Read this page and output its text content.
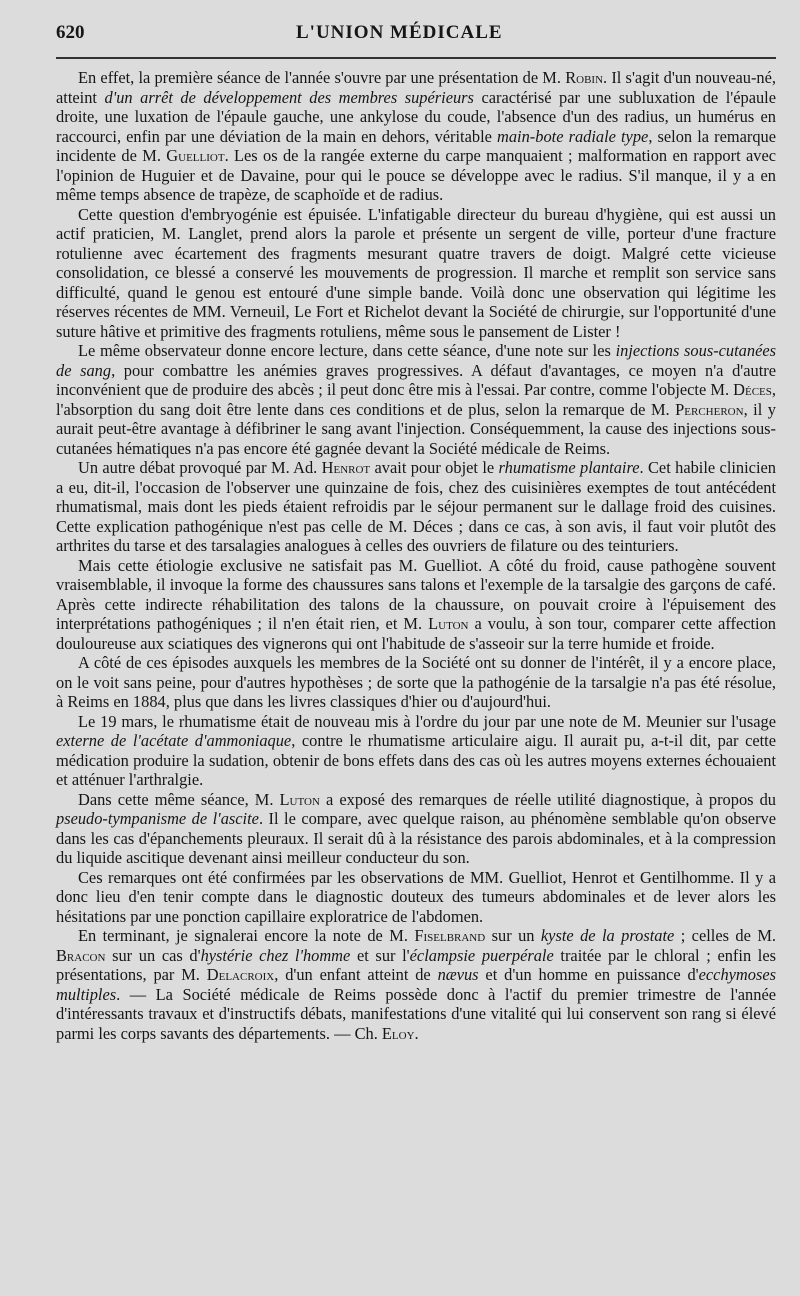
620	L'UNION MÉDICALE

En effet, la première séance de l'année s'ouvre par une présentation de M. Robin. Il s'agit d'un nouveau-né, atteint d'un arrêt de développement des membres supérieurs caractérisé par une subluxation de l'épaule droite, une luxation de l'épaule gauche, une ankylose du coude, l'absence d'un des radius, un humérus en raccourci, enfin par une déviation de la main en dehors, véritable main-bote radiale type, selon la remarque incidente de M. Guelliot. Les os de la rangée externe du carpe manquaient ; malformation en rapport avec l'opinion de Huguier et de Davaine, pour qui le pouce se développe avec le radius. S'il manque, il y a en même temps absence de trapèze, de scaphoïde et de radius.

Cette question d'embryogénie est épuisée. L'infatigable directeur du bureau d'hygiène, qui est aussi un actif praticien, M. Langlet, prend alors la parole et présente un sergent de ville, porteur d'une fracture rotulienne avec écartement des fragments mesurant quatre travers de doigt. Malgré cette vicieuse consolidation, ce blessé a conservé les mouvements de progression. Il marche et remplit son service sans difficulté, quand le genou est entouré d'une simple bande. Voilà donc une observation qui légitime les réserves récentes de MM. Verneuil, Le Fort et Richelot devant la Société de chirurgie, sur l'opportunité d'une suture hâtive et primitive des fragments rotuliens, même sous le pansement de Lister !

Le même observateur donne encore lecture, dans cette séance, d'une note sur les injections sous-cutanées de sang, pour combattre les anémies graves progressives. A défaut d'avantages, ce moyen n'a d'autre inconvénient que de produire des abcès ; il peut donc être mis à l'essai. Par contre, comme l'objecte M. Déces, l'absorption du sang doit être lente dans ces conditions et de plus, selon la remarque de M. Percheron, il y aurait peut-être avantage à défibriner le sang avant l'injection. Conséquemment, la cause des injections sous-cutanées hématiques n'a pas encore été gagnée devant la Société médicale de Reims.

Un autre débat provoqué par M. Ad. Henrot avait pour objet le rhumatisme plantaire. Cet habile clinicien a eu, dit-il, l'occasion de l'observer une quinzaine de fois, chez des cuisinières exemptes de tout antécédent rhumatismal, mais dont les pieds étaient refroidis par le séjour permanent sur le dallage froid des cuisines. Cette explication pathogénique n'est pas celle de M. Déces ; dans ce cas, à son avis, il faut voir plutôt des arthrites du tarse et des tarsalagies analogues à celles des ouvriers de filature ou des teinturiers.

Mais cette étiologie exclusive ne satisfait pas M. Guelliot. A côté du froid, cause pathogène souvent vraisemblable, il invoque la forme des chaussures sans talons et l'exemple de la tarsalgie des garçons de café. Après cette indirecte réhabilitation des talons de la chaussure, on pouvait croire à l'épuisement des interprétations pathogéniques ; il n'en était rien, et M. Luton a voulu, à son tour, comparer cette affection douloureuse aux sciatiques des vignerons qui ont l'habitude de s'asseoir sur la terre humide et froide.

A côté de ces épisodes auxquels les membres de la Société ont su donner de l'intérêt, il y a encore place, on le voit sans peine, pour d'autres hypothèses ; de sorte que la pathogénie de la tarsalgie n'a pas été résolue, à Reims en 1884, plus que dans les livres classiques d'hier ou d'aujourd'hui.

Le 19 mars, le rhumatisme était de nouveau mis à l'ordre du jour par une note de M. Meunier sur l'usage externe de l'acétate d'ammoniaque, contre le rhumatisme articulaire aigu. Il aurait pu, a-t-il dit, par cette médication produire la sudation, obtenir de bons effets dans des cas où les autres moyens externes échouaient et atténuer l'arthralgie.

Dans cette même séance, M. Luton a exposé des remarques de réelle utilité diagnostique, à propos du pseudo-tympanisme de l'ascite. Il le compare, avec quelque raison, au phénomène semblable qu'on observe dans les cas d'épanchements pleuraux. Il serait dû à la résistance des parois abdominales, et à la compression du liquide ascitique devenant ainsi meilleur conducteur du son.

Ces remarques ont été confirmées par les observations de MM. Guelliot, Henrot et Gentilhomme. Il y a donc lieu d'en tenir compte dans le diagnostic douteux des tumeurs abdominales et de lever alors les hésitations par une ponction capillaire exploratrice de l'abdomen.

En terminant, je signalerai encore la note de M. Fiselbrand sur un kyste de la prostate ; celles de M. Bracon sur un cas d'hystérie chez l'homme et sur l'éclampsie puerpérale traitée par le chloral ; enfin les présentations, par M. Delacroix, d'un enfant atteint de nævus et d'un homme en puissance d'ecchymoses multiples. — La Société médicale de Reims possède donc à l'actif du premier trimestre de l'année d'intéressants travaux et d'instructifs débats, manifestations d'une vitalité qui lui conservent son rang si élevé parmi les corps savants des départements. — Ch. Eloy.
